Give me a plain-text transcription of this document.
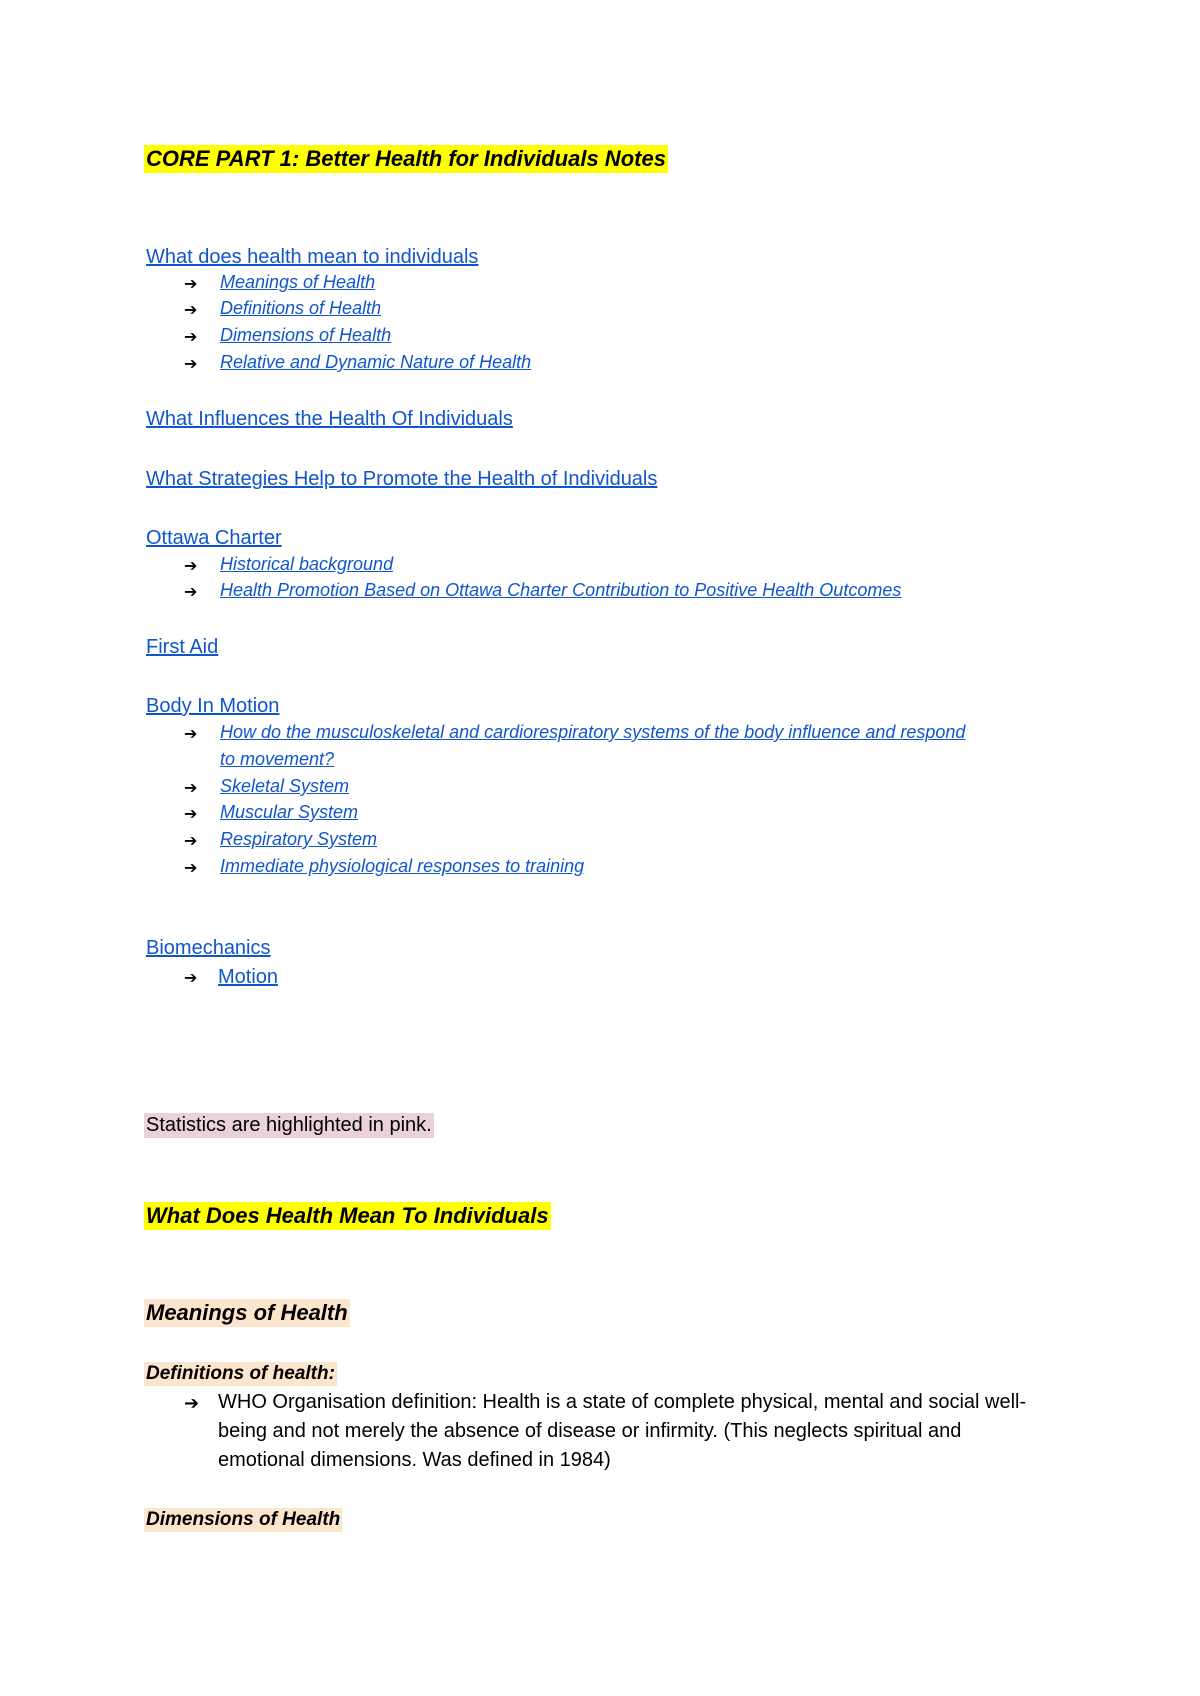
CORE PART 1: Better Health for Individuals Notes
What does health mean to individuals
➔ Meanings of Health
➔ Definitions of Health
➔ Dimensions of Health
➔ Relative and Dynamic Nature of Health
What Influences the Health Of Individuals
What Strategies Help to Promote the Health of Individuals
Ottawa Charter
➔ Historical background
➔ Health Promotion Based on Ottawa Charter Contribution to Positive Health Outcomes
First Aid
Body In Motion
➔ How do the musculoskeletal and cardiorespiratory systems of the body influence and respond
to movement?
➔ Skeletal System
➔ Muscular System
➔ Respiratory System
➔ Immediate physiological responses to training
Biomechanics
➔ Motion
Statistics are highlighted in pink.
What Does Health Mean To Individuals
Meanings of Health
Definitions of health:
➔ WHO Organisation definition: Health is a state of complete physical, mental and social well-being and not merely the absence of disease or infirmity. (This neglects spiritual and emotional dimensions. Was defined in 1984)
Dimensions of Health
